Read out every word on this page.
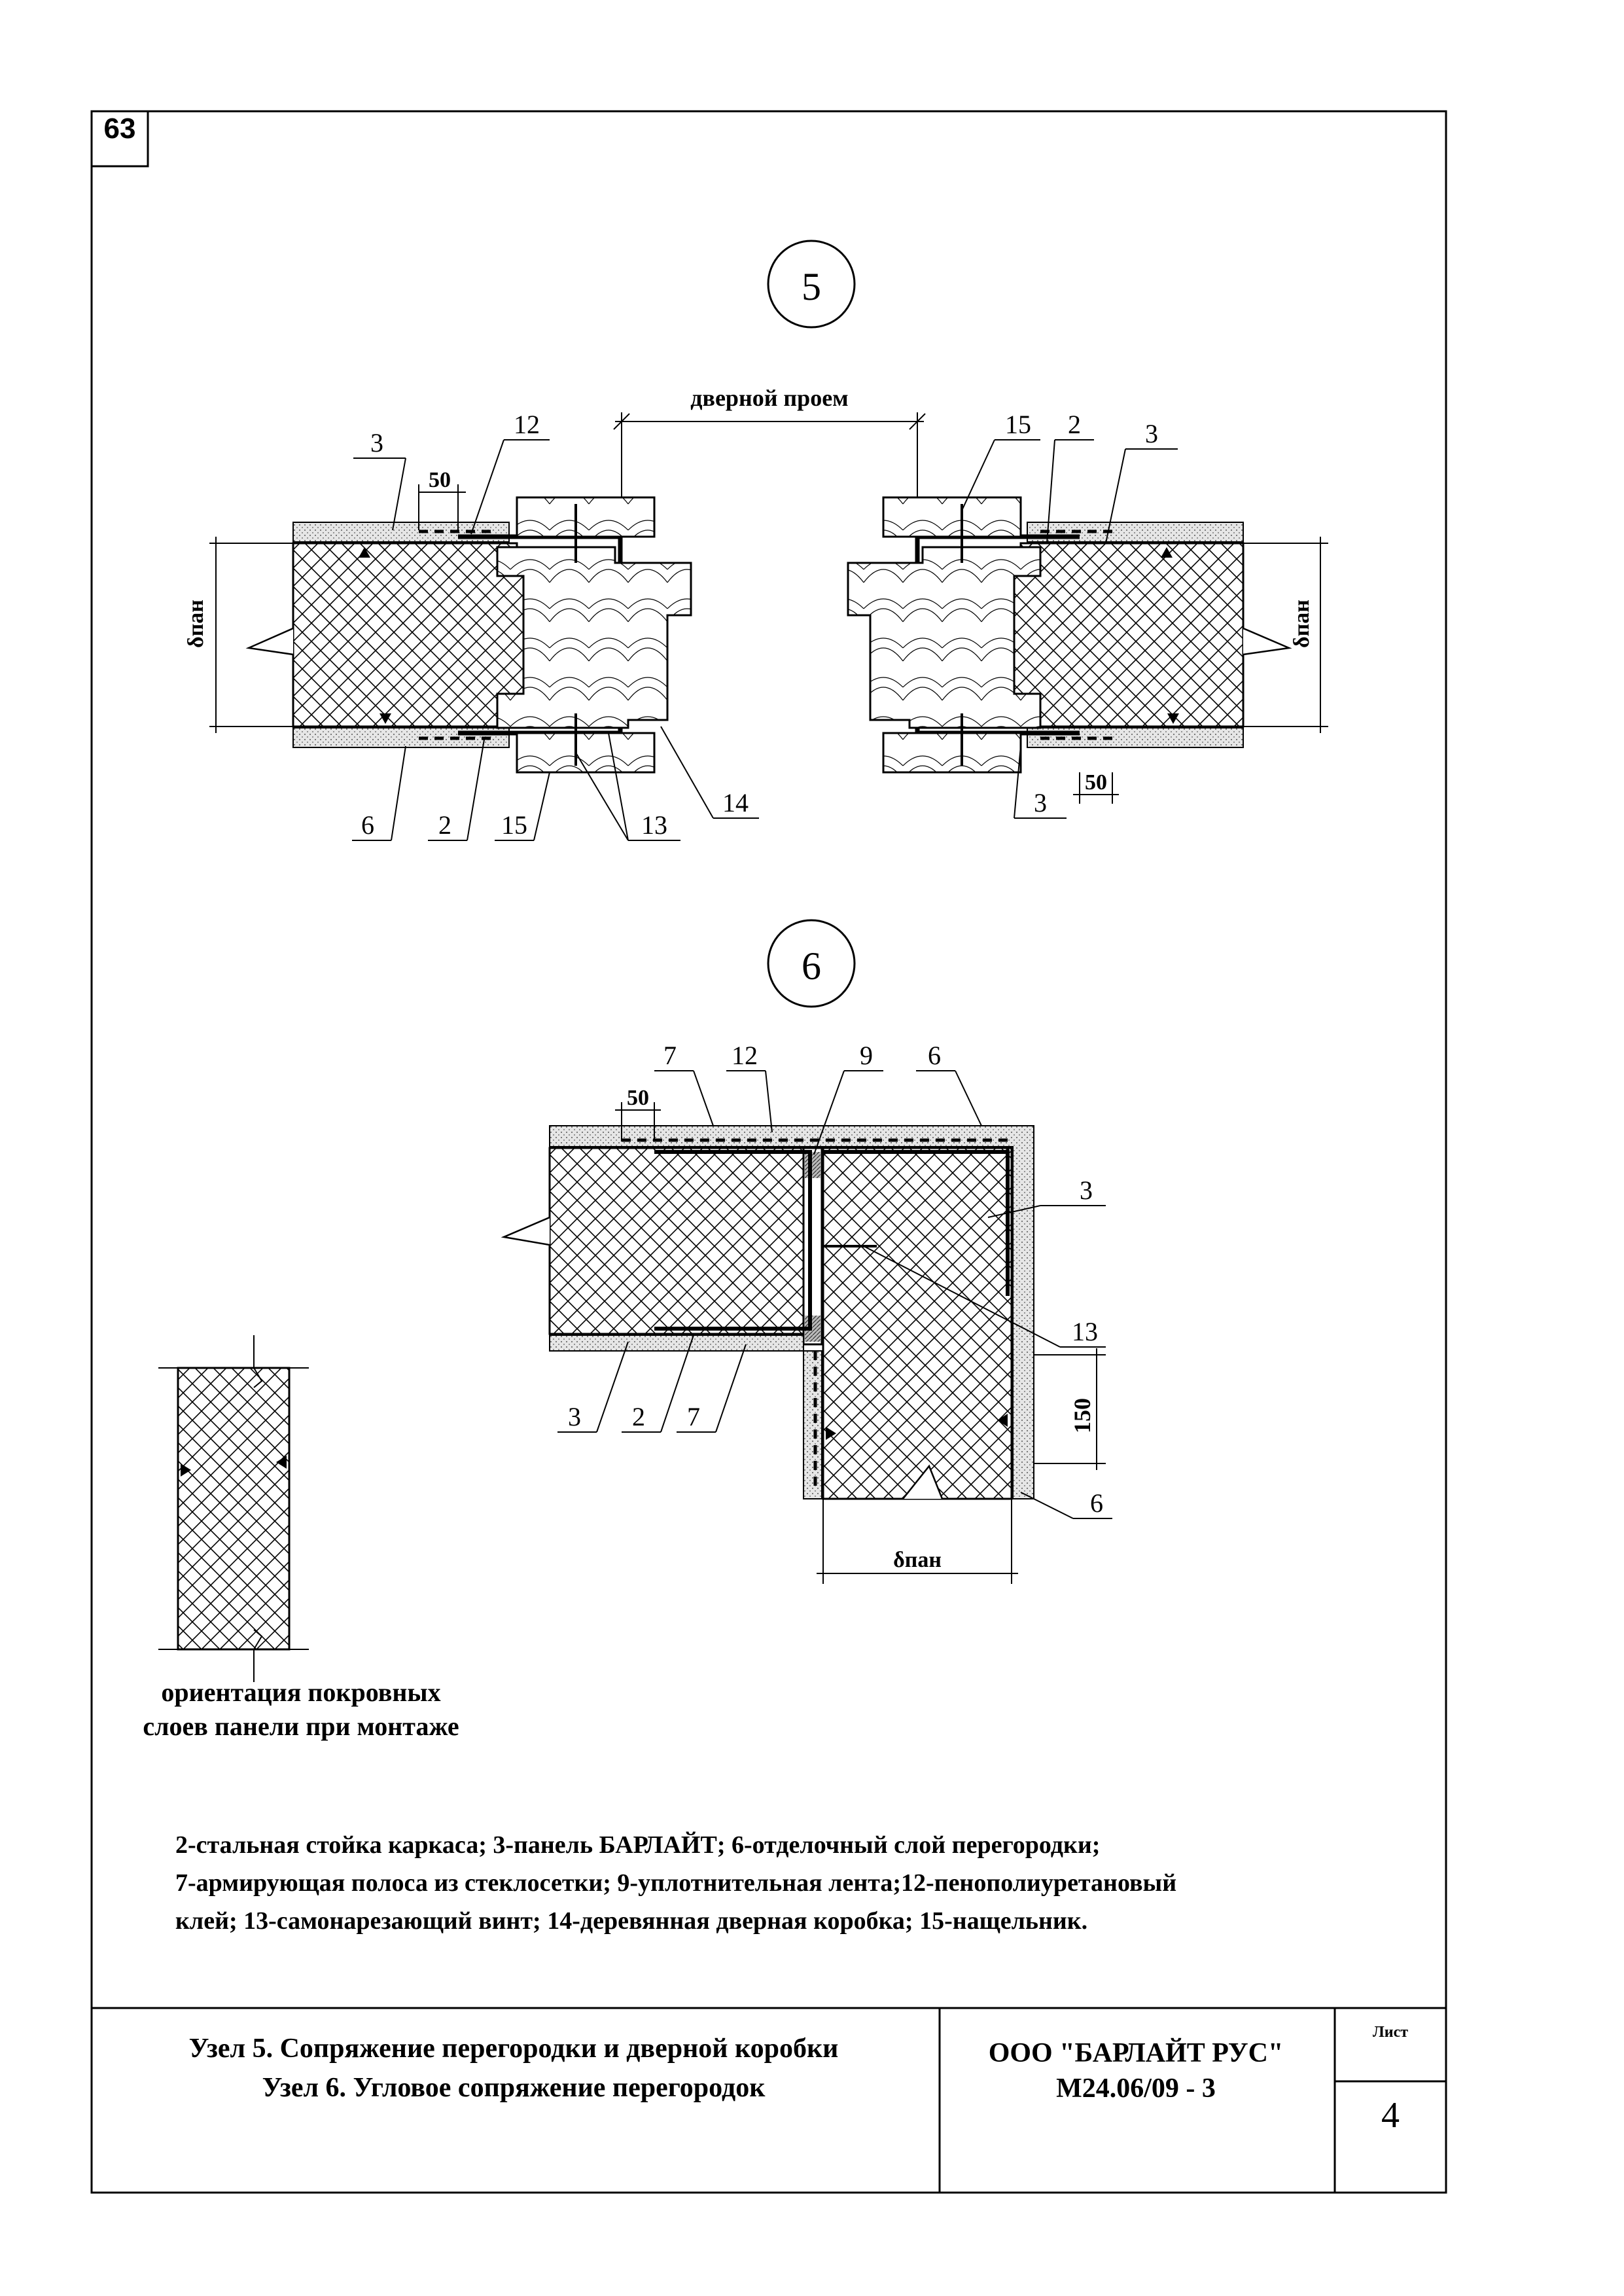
5
дверной проем
δпан
50
3
12
6 2 15	13
14
δпан
15 2 3
3
50
6
50
7 12	9 6
3
13
6
150
3 2 7
δпан
63
ориентация покровных
слоев панели при монтаже
2-стальная стойка каркаса; 3-панель БАРЛАЙТ; 6-отделочный слой перегородки;
7-армирующая полоса из стеклосетки; 9-уплотнительная лента;12-пенополиуретановый
клей; 13-самонарезающий винт; 14-деревянная дверная коробка; 15-нащельник.
Узел 5. Сопряжение перегородки и дверной коробки
Узел 6. Угловое сопряжение перегородок
ООО "БАРЛАЙТ РУС"
М24.06/09 - 3
Лист
4
